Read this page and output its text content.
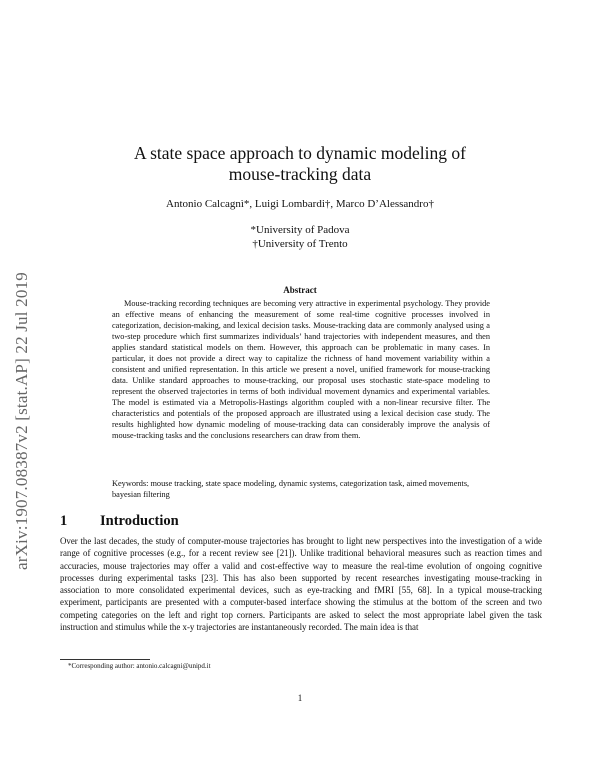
arXiv:1907.08387v2 [stat.AP] 22 Jul 2019
A state space approach to dynamic modeling of
mouse-tracking data
Antonio Calcagnì*, Luigi Lombardi†, Marco D’Alessandro†
*University of Padova
†University of Trento
Abstract
Mouse-tracking recording techniques are becoming very attractive in experimental psychology. They provide an effective means of enhancing the measurement of some real-time cognitive processes involved in categorization, decision-making, and lexical decision tasks. Mouse-tracking data are commonly analysed using a two-step procedure which first summarizes individuals’ hand trajectories with independent measures, and then applies standard statistical models on them. However, this approach can be problematic in many cases. In particular, it does not provide a direct way to capitalize the richness of hand movement variability within a consistent and unified representation. In this article we present a novel, unified framework for mouse-tracking data. Unlike standard approaches to mouse-tracking, our proposal uses stochastic state-space modeling to represent the observed trajectories in terms of both individual movement dynamics and experimental variables. The model is estimated via a Metropolis-Hastings algorithm coupled with a non-linear recursive filter. The characteristics and potentials of the proposed approach are illustrated using a lexical decision case study. The results highlighted how dynamic modeling of mouse-tracking data can considerably improve the analysis of mouse-tracking tasks and the conclusions researchers can draw from them.
Keywords: mouse tracking, state space modeling, dynamic systems, categorization task, aimed movements, bayesian filtering
1 Introduction
Over the last decades, the study of computer-mouse trajectories has brought to light new perspectives into the investigation of a wide range of cognitive processes (e.g., for a recent review see [21]). Unlike traditional behavioral measures such as reaction times and accuracies, mouse trajectories may offer a valid and cost-effective way to measure the real-time evolution of ongoing cognitive processes during experimental tasks [23]. This has also been supported by recent researches investigating mouse-tracking in association to more consolidated experimental devices, such as eye-tracking and fMRI [55, 68]. In a typical mouse-tracking experiment, participants are presented with a computer-based interface showing the stimulus at the bottom of the screen and two competing categories on the left and right top corners. Participants are asked to select the most appropriate label given the task instruction and stimulus while the x-y trajectories are instantaneously recorded. The main idea is that
*Corresponding author: antonio.calcagni@unipd.it
1
